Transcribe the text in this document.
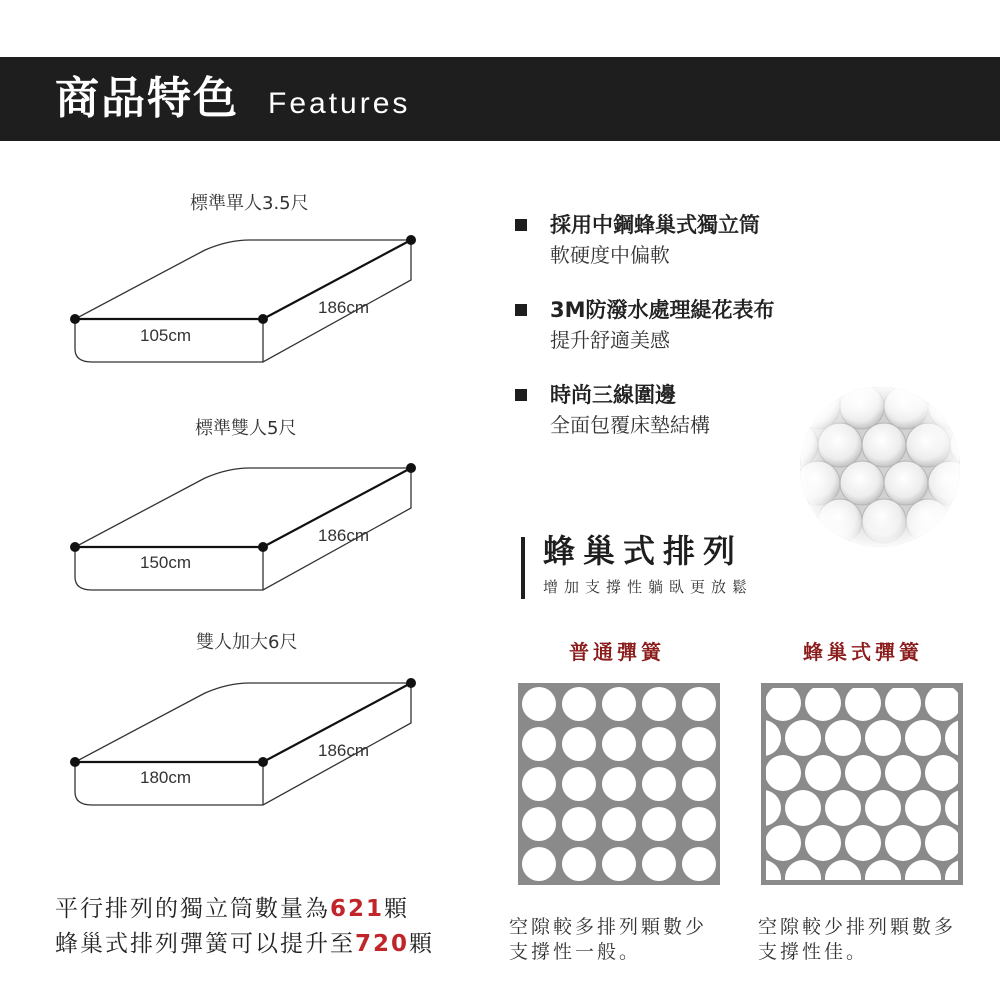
商品特色 Features
標準單人3.5尺
標準雙人5尺
雙人加大6尺
105cm
186cm
150cm
186cm
180cm
186cm
採用中鋼蜂巢式獨立筒
軟硬度中偏軟
3M防潑水處理緹花表布
提升舒適美感
時尚三線圍邊
全面包覆床墊結構
蜂巢式排列
增加支撐性躺臥更放鬆
普通彈簧	蜂巢式彈簧
空隙較多排列顆數少
支撐性一般。
空隙較少排列顆數多
支撐性佳。
平行排列的獨立筒數量為621顆
蜂巢式排列彈簧可以提升至720顆
